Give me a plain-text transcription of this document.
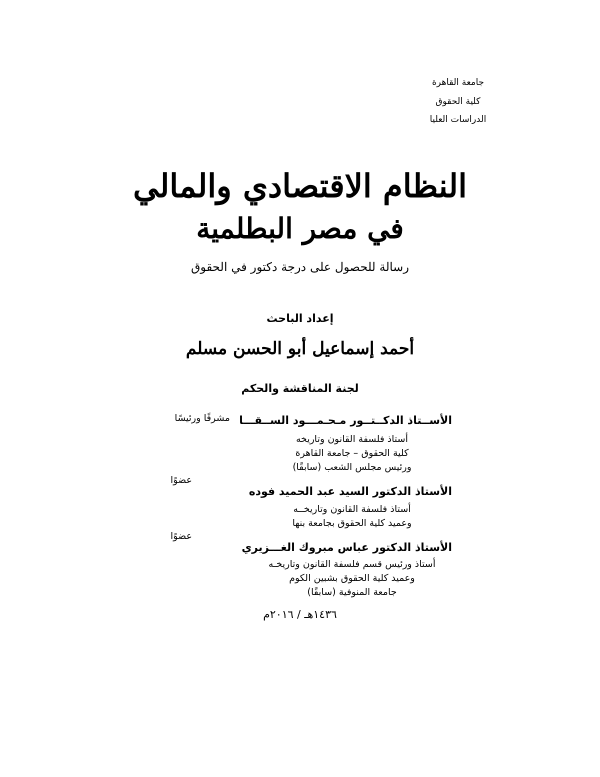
جامعة القاهرة
كلية الحقوق
الدراسات العليا
النظام الاقتصادي والمالي
في مصر البطلمية
رسالة للحصول على درجة دكتور في الحقوق
إعداد الباحث
أحمد إسماعيل أبو الحسن مسلم
لجنة المناقشة والحكم
الأســتاذ الدكــتــور مـحـمـــود الســقـــا
مشرفًا ورئيسًا
أستاذ فلسفة القانون وتاريخه
كلية الحقوق – جامعة القاهرة
ورئيس مجلس الشعب (سابقًا)
عضوًا
الأستاذ الدكتور السيد عبد الحميد فوده
أستاذ فلسفة القانون وتاريخــه
وعميد كلية الحقوق بجامعة بنها
عضوًا
الأستاذ الدكتور عباس مبروك الغـــزيري
أستاذ ورئيس قسم فلسفة القانون وتاريخـه
وعميد كلية الحقوق بشبين الكوم
جامعة المنوفية (سابقًا)
١٤٣٦هـ / ٢٠١٦م
